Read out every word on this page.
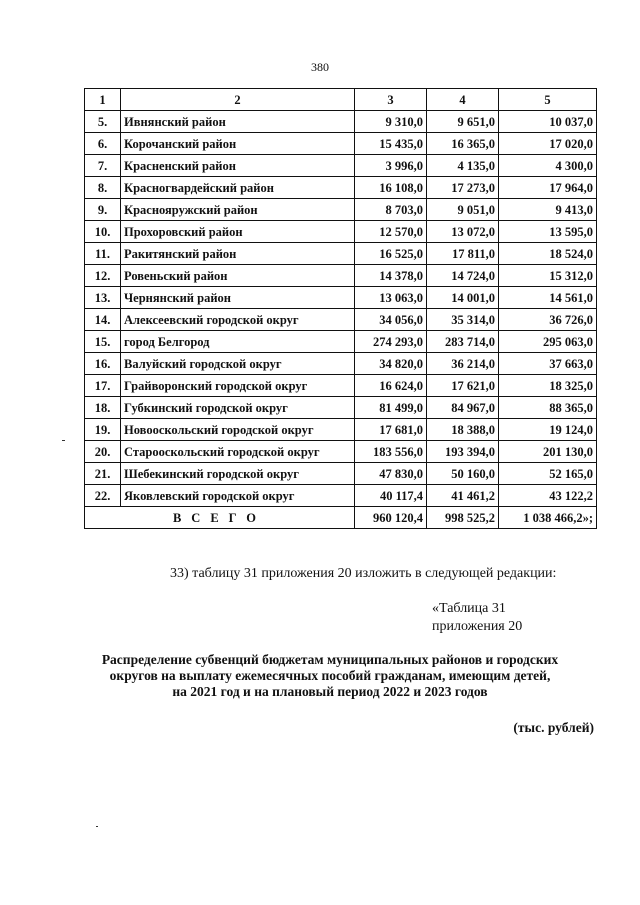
380
1	2	3	4	5
5.	Ивнянский район	9 310,0	9 651,0	10 037,0
6.	Корочанский район	15 435,0	16 365,0	17 020,0
7.	Красненский район	3 996,0	4 135,0	4 300,0
8.	Красногвардейский район	16 108,0	17 273,0	17 964,0
9.	Краснояружский район	8 703,0	9 051,0	9 413,0
10.	Прохоровский район	12 570,0	13 072,0	13 595,0
11.	Ракитянский район	16 525,0	17 811,0	18 524,0
12.	Ровеньский район	14 378,0	14 724,0	15 312,0
13.	Чернянский район	13 063,0	14 001,0	14 561,0
14.	Алексеевский городской округ	34 056,0	35 314,0	36 726,0
15.	город Белгород	274 293,0	283 714,0	295 063,0
16.	Валуйский городской округ	34 820,0	36 214,0	37 663,0
17.	Грайворонский городской округ	16 624,0	17 621,0	18 325,0
18.	Губкинский городской округ	81 499,0	84 967,0	88 365,0
19.	Новооскольский городской округ	17 681,0	18 388,0	19 124,0
20.	Старооскольский городской округ	183 556,0	193 394,0	201 130,0
21.	Шебекинский городской округ	47 830,0	50 160,0	52 165,0
22.	Яковлевский городской округ	40 117,4	41 461,2	43 122,2
ВСЕГО		960 120,4	998 525,2	1 038 466,2»;
33) таблицу 31 приложения 20 изложить в следующей редакции:
«Таблица 31
приложения 20
Распределение субвенций бюджетам муниципальных районов и городских
округов на выплату ежемесячных пособий гражданам, имеющим детей,
на 2021 год и на плановый период 2022 и 2023 годов
(тыс. рублей)
